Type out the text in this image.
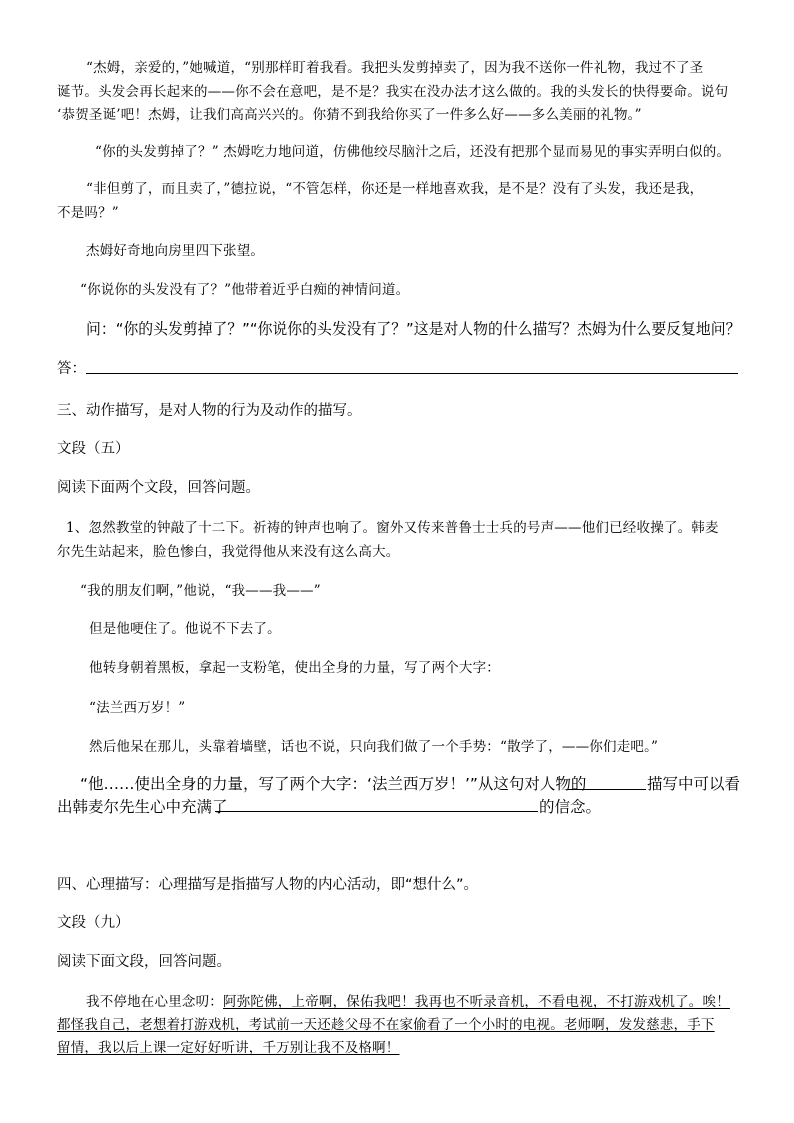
“杰姆，亲爱的，”她喊道，“别那样盯着我看。我把头发剪掉卖了，因为我不送你一件礼物，我过不了圣

诞节。头发会再长起来的——你不会在意吧，是不是？我实在没办法才这么做的。我的头发长的快得要命。说句

‘恭贺圣诞’吧！杰姆，让我们高高兴兴的。你猜不到我给你买了一件多么好——多么美丽的礼物。”

“你的头发剪掉了？” 杰姆吃力地问道，仿佛他绞尽脑汁之后，还没有把那个显而易见的事实弄明白似的。

“非但剪了，而且卖了，”德拉说，“不管怎样，你还是一样地喜欢我，是不是？没有了头发，我还是我，

不是吗？”

杰姆好奇地向房里四下张望。

“你说你的头发没有了？”他带着近乎白痴的神情问道。

问：“你的头发剪掉了？”“你说你的头发没有了？”这是对人物的什么描写？杰姆为什么要反复地问？

答：

三、动作描写，是对人物的行为及动作的描写。

文段（五）

阅读下面两个文段，回答问题。

1、忽然教堂的钟敲了十二下。祈祷的钟声也响了。窗外又传来普鲁士士兵的号声——他们已经收操了。韩麦

尔先生站起来，脸色惨白，我觉得他从来没有这么高大。

“我的朋友们啊，”他说，“我——我——”

但是他哽住了。他说不下去了。

他转身朝着黑板，拿起一支粉笔，使出全身的力量，写了两个大字：

“法兰西万岁！”

然后他呆在那儿，头靠着墙壁，话也不说，只向我们做了一个手势：“散学了，——你们走吧。”

“他……使出全身的力量，写了两个大字：‘法兰西万岁！’”从这句对人物的	描写中可以看

出韩麦尔先生心中充满了	的信念。

四、心理描写：心理描写是指描写人物的内心活动，即“想什么”。

文段（九）

阅读下面文段，回答问题。

我不停地在心里念叨：阿弥陀佛，上帝啊，保佑我吧！我再也不听录音机，不看电视，不打游戏机了。唉！

都怪我自己，老想着打游戏机，考试前一天还趁父母不在家偷看了一个小时的电视。老师啊，发发慈悲，手下

留情，我以后上课一定好好听讲，千万别让我不及格啊！
